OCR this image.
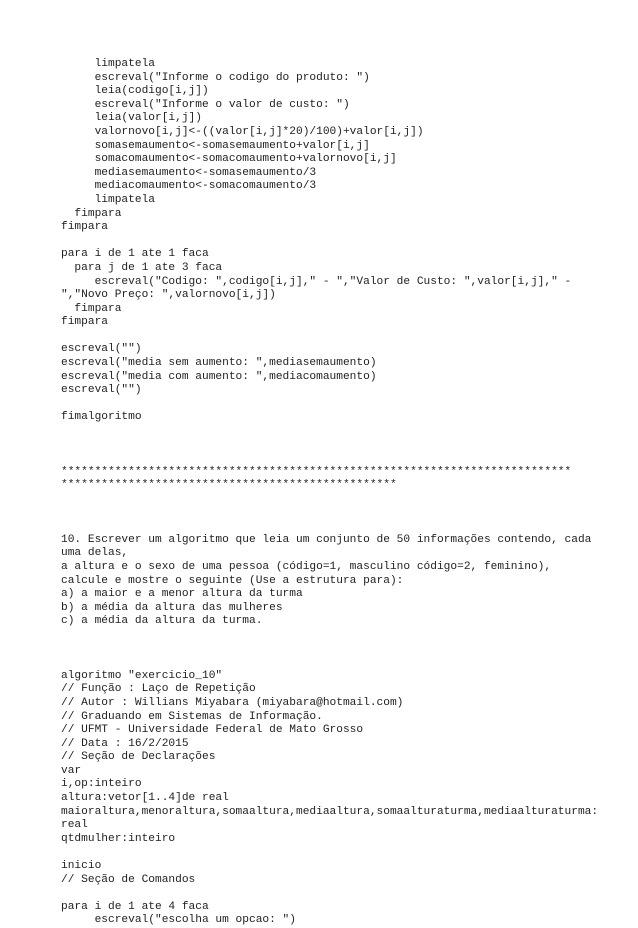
limpatela
escreval("Informe o codigo do produto: ")
leia(codigo[i,j])
escreval("Informe o valor de custo: ")
leia(valor[i,j])
valornovo[i,j]<-((valor[i,j]*20)/100)+valor[i,j])
somasemaumento<-somasemaumento+valor[i,j]
somacomaumento<-somacomaumento+valornovo[i,j]
mediasemaumento<-somasemaumento/3
mediacomaumento<-somacomaumento/3
limpatela
fimpara
fimpara
para i de 1 ate 1 faca
para j de 1 ate 3 faca
escreval("Codigo: ",codigo[i,j]," - ","Valor de Custo: ",valor[i,j]," -
","Novo Preço: ",valornovo[i,j])
fimpara
fimpara
escreval("")
escreval("media sem aumento: ",mediasemaumento)
escreval("media com aumento: ",mediacomaumento)
escreval("")
fimalgoritmo
****************************************************************************
**************************************************
10. Escrever um algoritmo que leia um conjunto de 50 informações contendo, cada
uma delas,
a altura e o sexo de uma pessoa (código=1, masculino código=2, feminino),
calcule e mostre o seguinte (Use a estrutura para):
a) a maior e a menor altura da turma
b) a média da altura das mulheres
c) a média da altura da turma.
algoritmo "exercicio_10"
// Função : Laço de Repetição
// Autor : Willians Miyabara (miyabara@hotmail.com)
// Graduando em Sistemas de Informação.
// UFMT - Universidade Federal de Mato Grosso
// Data : 16/2/2015
// Seção de Declarações
var
i,op:inteiro
altura:vetor[1..4]de real
maioraltura,menoraltura,somaaltura,mediaaltura,somaalturaturma,mediaalturaturma:
real
qtdmulher:inteiro
inicio
// Seção de Comandos
para i de 1 ate 4 faca
escreval("escolha um opcao: ")
